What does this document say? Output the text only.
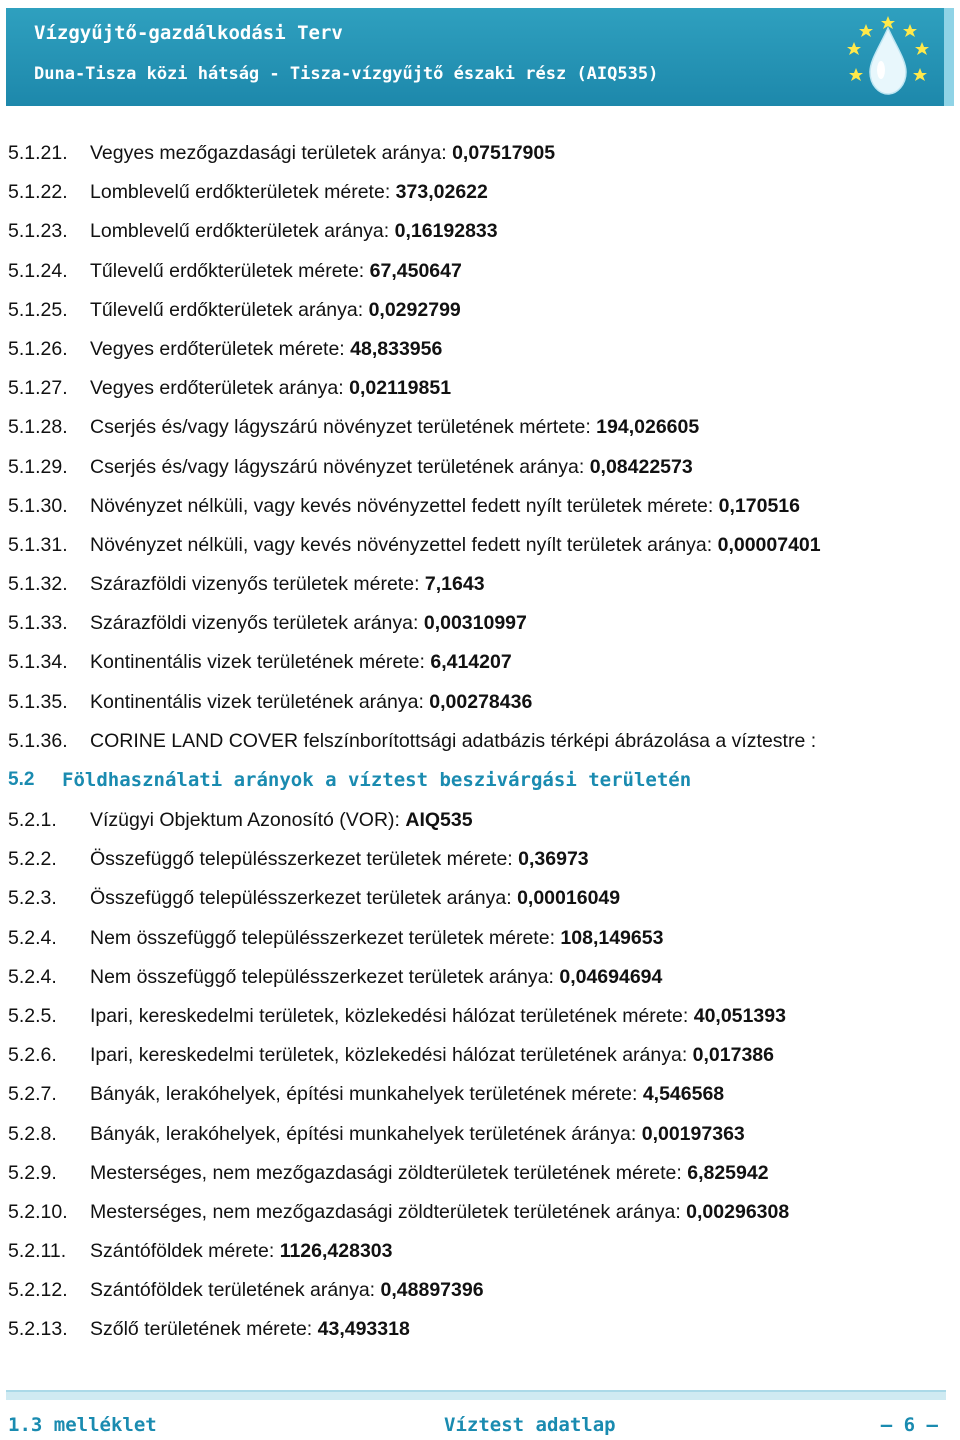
Vízgyűjtő-gazdálkodási Terv
Duna-Tisza közi hátság - Tisza-vízgyűjtő északi rész (AIQ535)
5.1.21.	Vegyes mezőgazdasági területek aránya: 0,07517905
5.1.22.	Lomblevelű erdőkterületek mérete: 373,02622
5.1.23.	Lomblevelű erdőkterületek aránya: 0,16192833
5.1.24.	Tűlevelű erdőkterületek mérete: 67,450647
5.1.25.	Tűlevelű erdőkterületek aránya: 0,0292799
5.1.26.	Vegyes erdőterületek mérete: 48,833956
5.1.27.	Vegyes erdőterületek aránya: 0,02119851
5.1.28.	Cserjés és/vagy lágyszárú növényzet területének mértete: 194,026605
5.1.29.	Cserjés és/vagy lágyszárú növényzet területének aránya: 0,08422573
5.1.30.	Növényzet nélküli, vagy kevés növényzettel fedett nyílt területek mérete: 0,170516
5.1.31.	Növényzet nélküli, vagy kevés növényzettel fedett nyílt területek aránya: 0,00007401
5.1.32.	Szárazföldi vizenyős területek mérete: 7,1643
5.1.33.	Szárazföldi vizenyős területek aránya: 0,00310997
5.1.34.	Kontinentális vizek területének mérete: 6,414207
5.1.35.	Kontinentális vizek területének aránya: 0,00278436
5.1.36.	CORINE LAND COVER felszínborítottsági adatbázis térképi ábrázolása a víztestre :
5.2 Földhasználati arányok a víztest beszivárgási területén
5.2.1.	Vízügyi Objektum Azonosító (VOR): AIQ535
5.2.2.	Összefüggő településszerkezet területek mérete: 0,36973
5.2.3.	Összefüggő településszerkezet területek aránya: 0,00016049
5.2.4.	Nem összefüggő településszerkezet területek mérete: 108,149653
5.2.4.	Nem összefüggő településszerkezet területek aránya: 0,04694694
5.2.5.	Ipari, kereskedelmi területek, közlekedési hálózat területének mérete: 40,051393
5.2.6.	Ipari, kereskedelmi területek, közlekedési hálózat területének aránya: 0,017386
5.2.7.	Bányák, lerakóhelyek, építési munkahelyek területének mérete: 4,546568
5.2.8.	Bányák, lerakóhelyek, építési munkahelyek területének áránya: 0,00197363
5.2.9.	Mesterséges, nem mezőgazdasági zöldterületek területének mérete: 6,825942
5.2.10.	Mesterséges, nem mezőgazdasági zöldterületek területének aránya: 0,00296308
5.2.11.	Szántóföldek mérete: 1126,428303
5.2.12.	Szántóföldek területének aránya: 0,48897396
5.2.13.	Szőlő területének mérete: 43,493318
1.3 melléklet	Víztest adatlap	– 6 –
